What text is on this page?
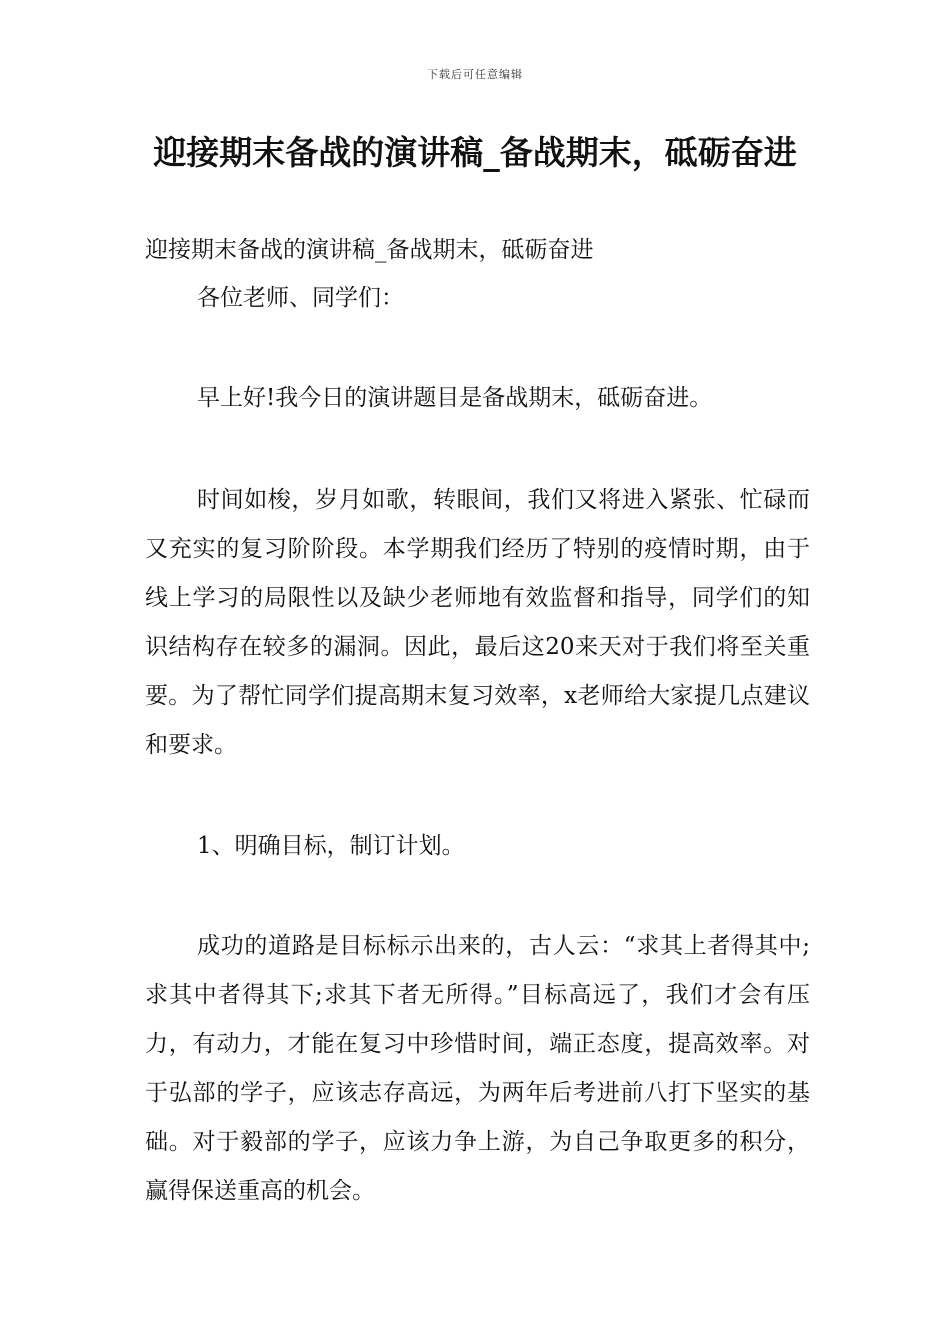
下载后可任意编辑
迎接期末备战的演讲稿_备战期末，砥砺奋进
迎接期末备战的演讲稿_备战期末，砥砺奋进

各位老师、同学们：

早上好!我今日的演讲题目是备战期末，砥砺奋进。

时间如梭，岁月如歌，转眼间，我们又将进入紧张、忙碌而又充实的复习阶阶段。本学期我们经历了特别的疫情时期，由于线上学习的局限性以及缺少老师地有效监督和指导，同学们的知识结构存在较多的漏洞。因此，最后这20来天对于我们将至关重要。为了帮忙同学们提高期末复习效率，x老师给大家提几点建议和要求。

1、明确目标，制订计划。

成功的道路是目标标示出来的，古人云：“求其上者得其中;求其中者得其下;求其下者无所得。”目标高远了，我们才会有压力，有动力，才能在复习中珍惜时间，端正态度，提高效率。对于弘部的学子，应该志存高远，为两年后考进前八打下坚实的基础。对于毅部的学子，应该力争上游，为自己争取更多的积分，赢得保送重高的机会。
